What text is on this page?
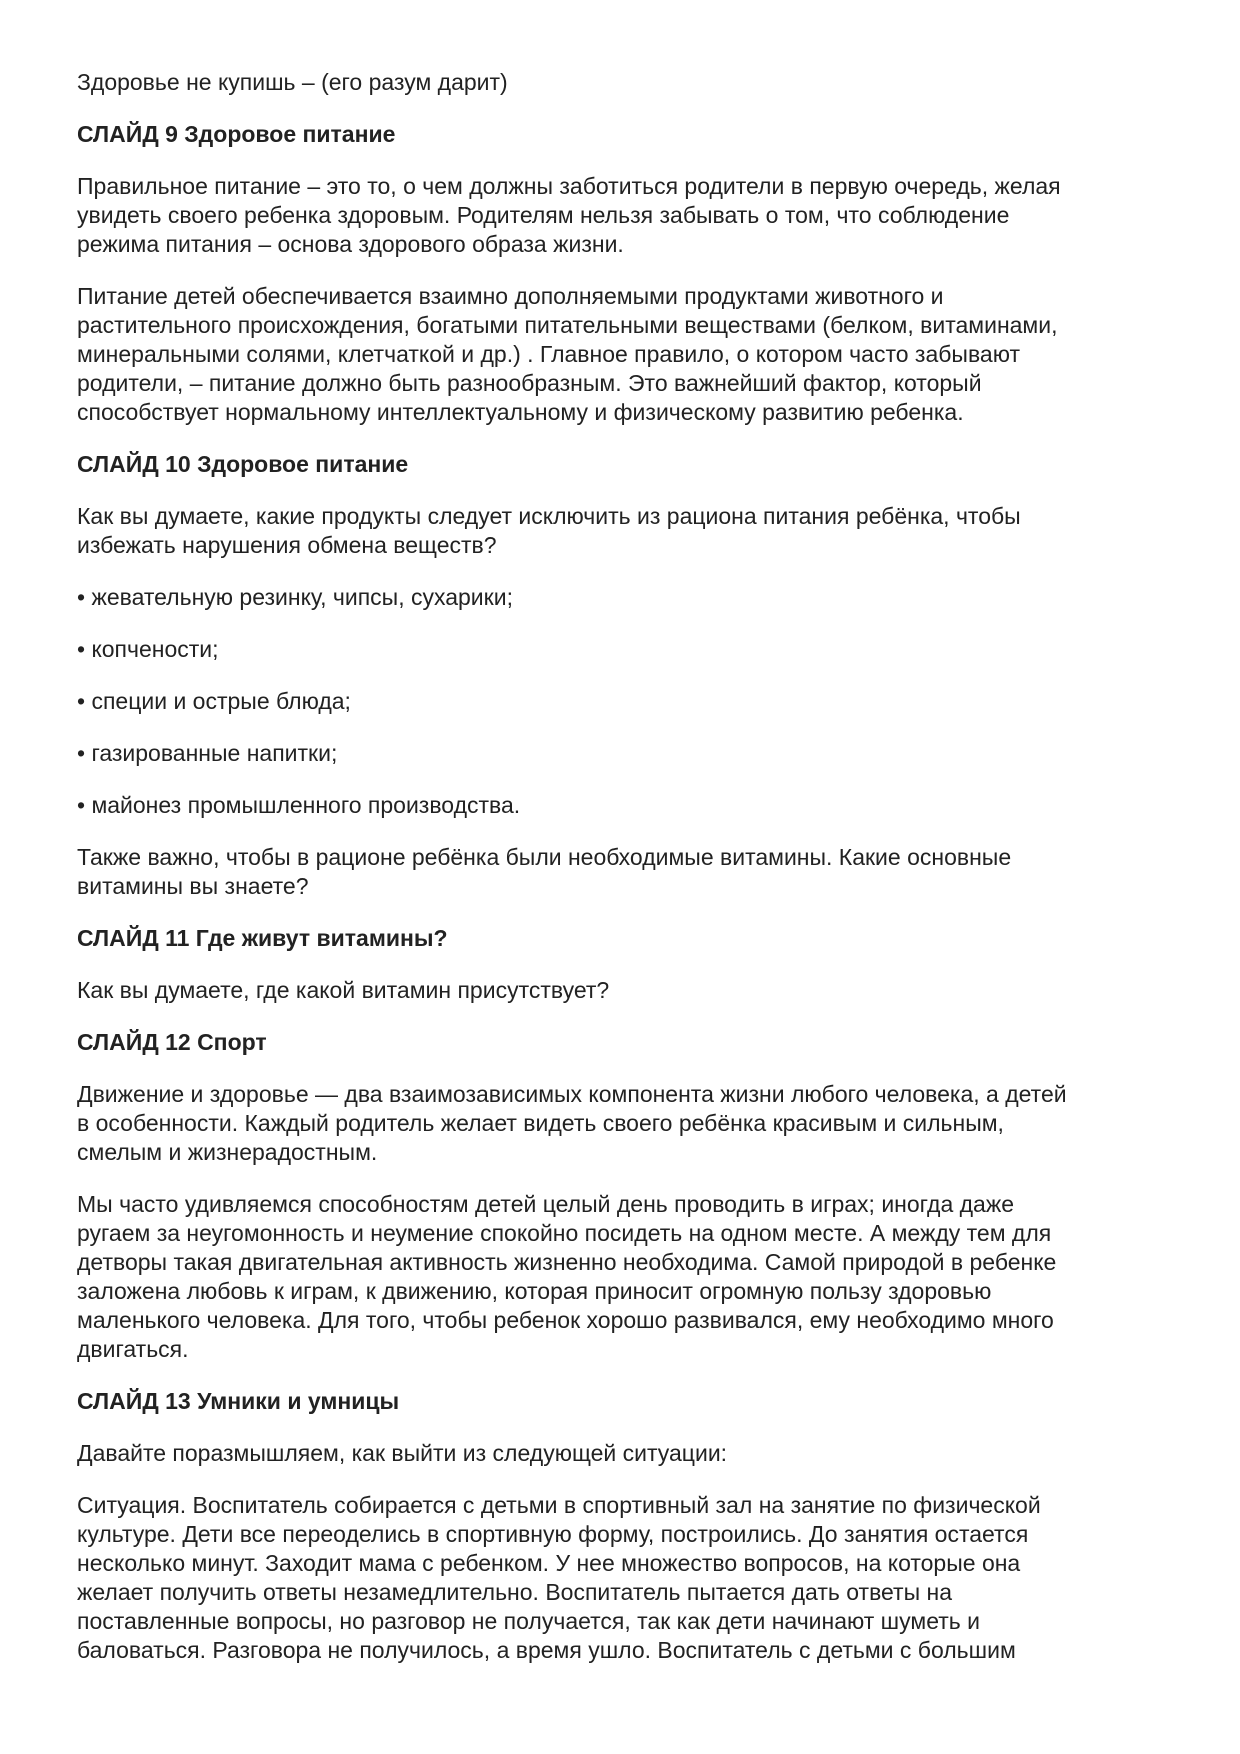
Здоровье не купишь – (его разум дарит)

СЛАЙД 9 Здоровое питание

Правильное питание – это то, о чем должны заботиться родители в первую очередь, желая
увидеть своего ребенка здоровым. Родителям нельзя забывать о том, что соблюдение
режима питания – основа здорового образа жизни.

Питание детей обеспечивается взаимно дополняемыми продуктами животного и
растительного происхождения, богатыми питательными веществами (белком, витаминами,
минеральными солями, клетчаткой и др.) . Главное правило, о котором часто забывают
родители, – питание должно быть разнообразным. Это важнейший фактор, который
способствует нормальному интеллектуальному и физическому развитию ребенка.

СЛАЙД 10 Здоровое питание

Как вы думаете, какие продукты следует исключить из рациона питания ребёнка, чтобы
избежать нарушения обмена веществ?

• жевательную резинку, чипсы, сухарики;

• копчености;

• специи и острые блюда;

• газированные напитки;

• майонез промышленного производства.

Также важно, чтобы в рационе ребёнка были необходимые витамины. Какие основные
витамины вы знаете?

СЛАЙД 11 Где живут витамины?

Как вы думаете, где какой витамин присутствует?

СЛАЙД 12 Спорт

Движение и здоровье — два взаимозависимых компонента жизни любого человека, а детей
в особенности. Каждый родитель желает видеть своего ребёнка красивым и сильным,
смелым и жизнерадостным.

Мы часто удивляемся способностям детей целый день проводить в играх; иногда даже
ругаем за неугомонность и неумение спокойно посидеть на одном месте. А между тем для
детворы такая двигательная активность жизненно необходима. Самой природой в ребенке
заложена любовь к играм, к движению, которая приносит огромную пользу здоровью
маленького человека. Для того, чтобы ребенок хорошо развивался, ему необходимо много
двигаться.

СЛАЙД 13 Умники и умницы

Давайте поразмышляем, как выйти из следующей ситуации:

Ситуация. Воспитатель собирается с детьми в спортивный зал на занятие по физической
культуре. Дети все переоделись в спортивную форму, построились. До занятия остается
несколько минут. Заходит мама с ребенком. У нее множество вопросов, на которые она
желает получить ответы незамедлительно. Воспитатель пытается дать ответы на
поставленные вопросы, но разговор не получается, так как дети начинают шуметь и
баловаться. Разговора не получилось, а время ушло. Воспитатель с детьми с большим
